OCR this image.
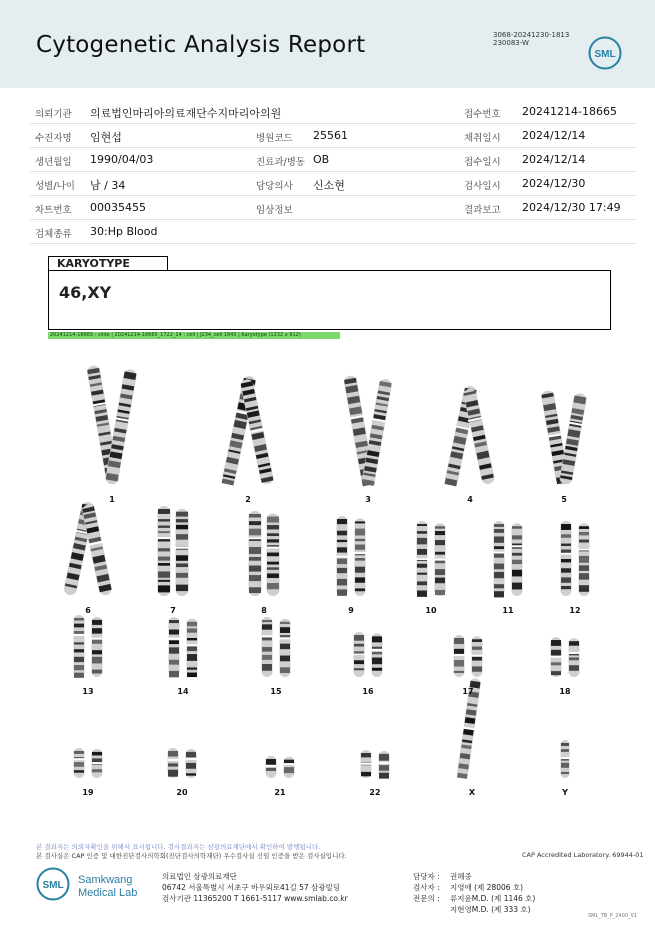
Cytogenetic Analysis Report	3068-20241230-1813
230083-W
SML
의뢰기관 의료법인마리아의료재단수지마리아의원	접수번호 20241214-18665
수진자명 임현섭	병원코드 25561	채취일시 2024/12/14
생년월일 1990/04/03	진료과/병동 OB	접수일시 2024/12/14
성별/나이 남 / 34	담당의사 신소현	검사일시 2024/12/30
차트번호 00035455	임상정보	결과보고 2024/12/30 17:49
검체종류 30:Hp Blood
KARYOTYPE
46,XY
20241214-18665 : slide | 20241214-18665_1722_14 : cell | J234_cell 1645 | Karyotype (1232 x 912)
1	2	3	4	5
6	7	8	9	10	11	12
13	14	15	16	17	18
19	20	21	22	X	Y
본 결과지는 의뢰자확인을 위해서 표시됩니다. 검사결과지는 삼광의료재단에서 확인하여 발행됩니다.
본 검사실은 CAP 인증 및 대한진단검사의학회(진단검사의학재단) 우수검사실 신임 인증을 받은 검사실입니다.	CAP Accredited Laboratory. 69944-01
SML Samkwang
Medical Lab
의료법인 삼광의료재단
06742 서울특별시 서초구 바우뫼로41길 57 삼광빌딩
검사기관 11365200 T 1661-5117 www.smlab.co.kr
담당자 : 권혜중
검사자 : 지영애 (제 28006 호)
전문의 : 류지윤M.D. (제 1146 호)
지현영M.D. (제 333 호)
SML_TB_P_2400_V1
